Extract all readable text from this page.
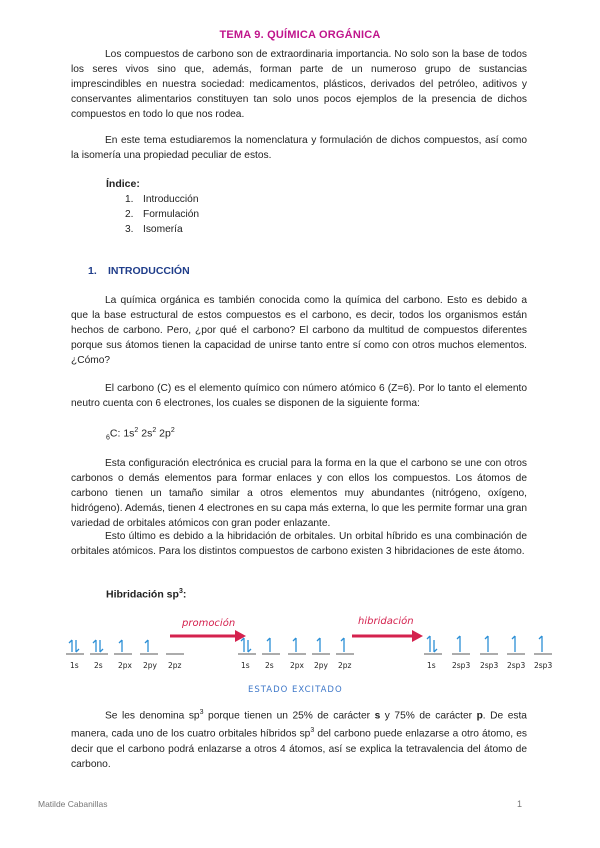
TEMA 9. QUÍMICA ORGÁNICA

Los compuestos de carbono son de extraordinaria importancia. No solo son la base de todos los seres vivos sino que, además, forman parte de un numeroso grupo de sustancias imprescindibles en nuestra sociedad: medicamentos, plásticos, derivados del petróleo, aditivos y conservantes alimentarios constituyen tan solo unos pocos ejemplos de la presencia de dichos compuestos en todo lo que nos rodea.

En este tema estudiaremos la nomenclatura y formulación de dichos compuestos, así como la isomería una propiedad peculiar de estos.

Índice:
1. Introducción
2. Formulación
3. Isomería
1. INTRODUCCIÓN

La química orgánica es también conocida como la química del carbono. Esto es debido a que la base estructural de estos compuestos es el carbono, es decir, todos los organismos están hechos de carbono. Pero, ¿por qué el carbono? El carbono da multitud de compuestos diferentes porque sus átomos tienen la capacidad de unirse tanto entre sí como con otros muchos elementos. ¿Cómo?

El carbono (C) es el elemento químico con número atómico 6 (Z=6). Por lo tanto el elemento neutro cuenta con 6 electrones, los cuales se disponen de la siguiente forma:

$_6$C: $1s^2$ $2s^2$ $2p^2$

Esta configuración electrónica es crucial para la forma en la que el carbono se une con otros carbonos o demás elementos para formar enlaces y con ellos los compuestos. Los átomos de carbono tienen un tamaño similar a otros elementos muy abundantes (nitrógeno, oxígeno, hidrógeno). Además, tienen 4 electrones en su capa más externa, lo que les permite formar una gran variedad de orbitales atómicos con gran poder enlazante.

Esto último es debido a la hibridación de orbitales. Un orbital híbrido es una combinación de orbitales atómicos. Para los distintos compuestos de carbono existen 3 hibridaciones de este átomo.

Hibridación $sp^3$:
promoción	hibridación
1s 2s 2px 2py 2pz	1s 2s 2px 2py 2pz
ESTADO EXCITADO
1s 2sp3 2sp3 2sp3 2sp3

Se les denomina $sp^3$ porque tienen un 25% de carácter s y 75% de carácter p. De esta manera, cada uno de los cuatro orbitales híbridos $sp^3$ del carbono puede enlazarse a otro átomo, es decir que el carbono podrá enlazarse a otros 4 átomos, así se explica la tetravalencia del átomo de carbono.

Matilde Cabanillas	1
